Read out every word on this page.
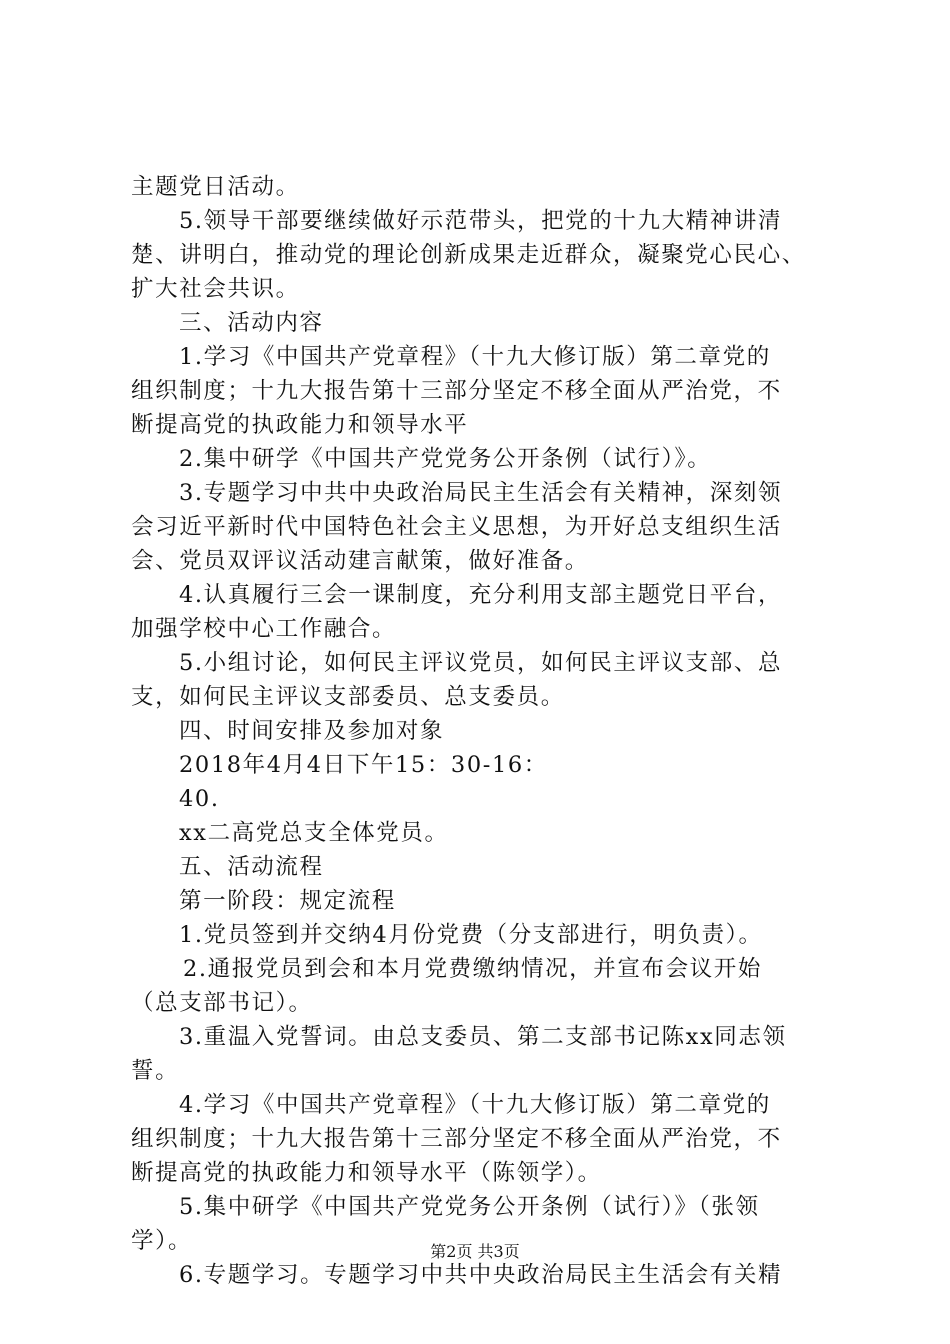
主题党日活动。
5.领导干部要继续做好示范带头，把党的十九大精神讲清
楚、讲明白，推动党的理论创新成果走近群众，凝聚党心民心、
扩大社会共识。
三、活动内容
1.学习《中国共产党章程》（十九大修订版）第二章党的
组织制度；十九大报告第十三部分坚定不移全面从严治党，不
断提高党的执政能力和领导水平
2.集中研学《中国共产党党务公开条例（试行）》。
3.专题学习中共中央政治局民主生活会有关精神，深刻领
会习近平新时代中国特色社会主义思想，为开好总支组织生活
会、党员双评议活动建言献策，做好准备。
4.认真履行三会一课制度，充分利用支部主题党日平台，
加强学校中心工作融合。
5.小组讨论，如何民主评议党员，如何民主评议支部、总
支，如何民主评议支部委员、总支委员。
四、时间安排及参加对象
2018年4月4日下午15：30-16：
40.
xx二高党总支全体党员。
五、活动流程
第一阶段：规定流程
1.党员签到并交纳4月份党费（分支部进行，明负责）。
2.通报党员到会和本月党费缴纳情况，并宣布会议开始
（总支部书记）。
3.重温入党誓词。由总支委员、第二支部书记陈xx同志领
誓。
4.学习《中国共产党章程》（十九大修订版）第二章党的
组织制度；十九大报告第十三部分坚定不移全面从严治党，不
断提高党的执政能力和领导水平（陈领学）。
5.集中研学《中国共产党党务公开条例（试行）》（张领
学）。
6.专题学习。专题学习中共中央政治局民主生活会有关精
第2页 共3页
